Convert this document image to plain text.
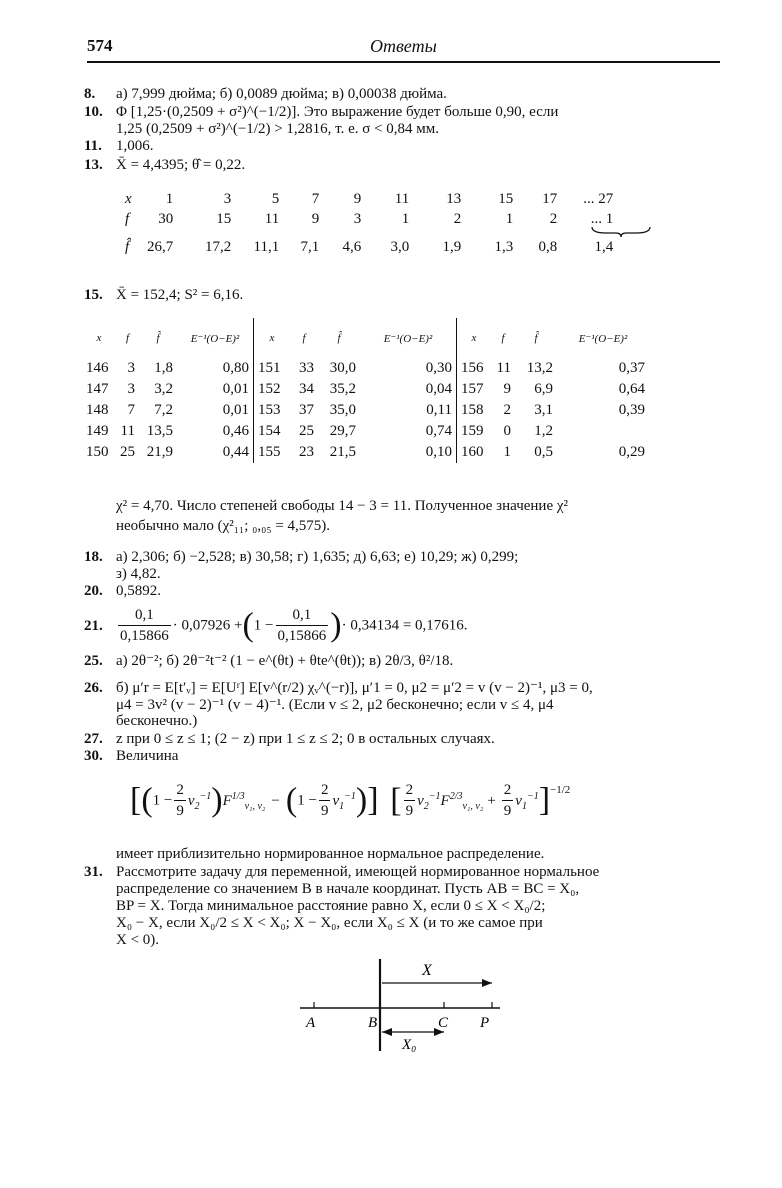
574	Ответы
8. а) 7,999 дюйма; б) 0,0089 дюйма; в) 0,00038 дюйма.
10. Φ [1,25·(0,2509 + σ²)^(−1/2)]. Это выражение будет больше 0,90, если
1,25 (0,2509 + σ²)^(−1/2) > 1,2816, т. е. σ < 0,84 мм.
11. 1,006.
13. X̄ = 4,4395; θ̂ = 0,22.
x	1	3	5	7	9	11	13	15	17	... 27
f	30	15	11	9	3	1	2	1	2	... 1
f̂	26,7	17,2	11,1	7,1	4,6	3,0	1,9	1,3	0,8	1,4
15. X̄ = 152,4; S² = 6,16.
x	f	f̂	E⁻¹(O−E)²	x	f	f̂	E⁻¹(O−E)²	x	f	f̂	E⁻¹(O−E)²
146	3	1,8	0,80	151	33	30,0	0,30	156	11	13,2	0,37
147	3	3,2	0,01	152	34	35,2	0,04	157	9	6,9	0,64
148	7	7,2	0,01	153	37	35,0	0,11	158	2	3,1	0,39
149	11	13,5	0,46	154	25	29,7	0,74	159	0	1,2	
150	25	21,9	0,44	155	23	21,5	0,10	160	1	0,5	0,29
χ² = 4,70. Число степеней свободы 14 − 3 = 11. Полученное значение χ²
необычно мало (χ²₁₁; ₀,₀₅ = 4,575).
18. а) 2,306; б) −2,528; в) 30,58; г) 1,635; д) 6,63; е) 10,29; ж) 0,299;
з) 4,82.
20. 0,5892.
21. $\frac{0,1}{0,15866} \cdot 0,07926 +(1 - \frac{0,1}{0,15866}$ )· 0,34134 = 0,17616.
25. а) 2θ⁻²; б) 2θ⁻²t⁻² (1 − e^(θt) + θte^(θt)); в) 2θ/3, θ²/18.
26. б) μ′r = E[t′ᵥ] = E[Uʳ] E[v^(r/2) χᵥ^(−r)], μ′1 = 0, μ2 = μ′2 = v (v − 2)⁻¹, μ3 = 0,
μ4 = 3v² (v − 2)⁻¹ (v − 4)⁻¹. (Если v ≤ 2, μ2 бесконечно; если v ≤ 4, μ4
бесконечно.)
27. z при 0 ≤ z ≤ 1; (2 − z) при 1 ≤ z ≤ 2; 0 в остальных случаях.
30. Величина
$[(1 - \frac{2}{9} \nu_2^{-1})F^{1/3}_{\nu_1, \nu_2} - (1 - \frac{2}{9} \nu_1^{-1})]$ [ $\frac{2}{9} \nu_2^{-1}F^{2/3}_{\nu_1, \nu_2} + \frac{2}{9} \nu_1^{-1}]^{-1/2}$
имеет приблизительно нормированное нормальное распределение.
31. Рассмотрите задачу для переменной, имеющей нормированное нормальное
распределение со значением B в начале координат. Пусть AB = BC = X₀,
BP = X. Тогда минимальное расстояние равно X, если 0 ≤ X < X₀/2;
X₀ − X, если X₀/2 ≤ X < X₀; X − X₀, если X₀ ≤ X (и то же самое при
X < 0).
X
A	B	C P
X₀
